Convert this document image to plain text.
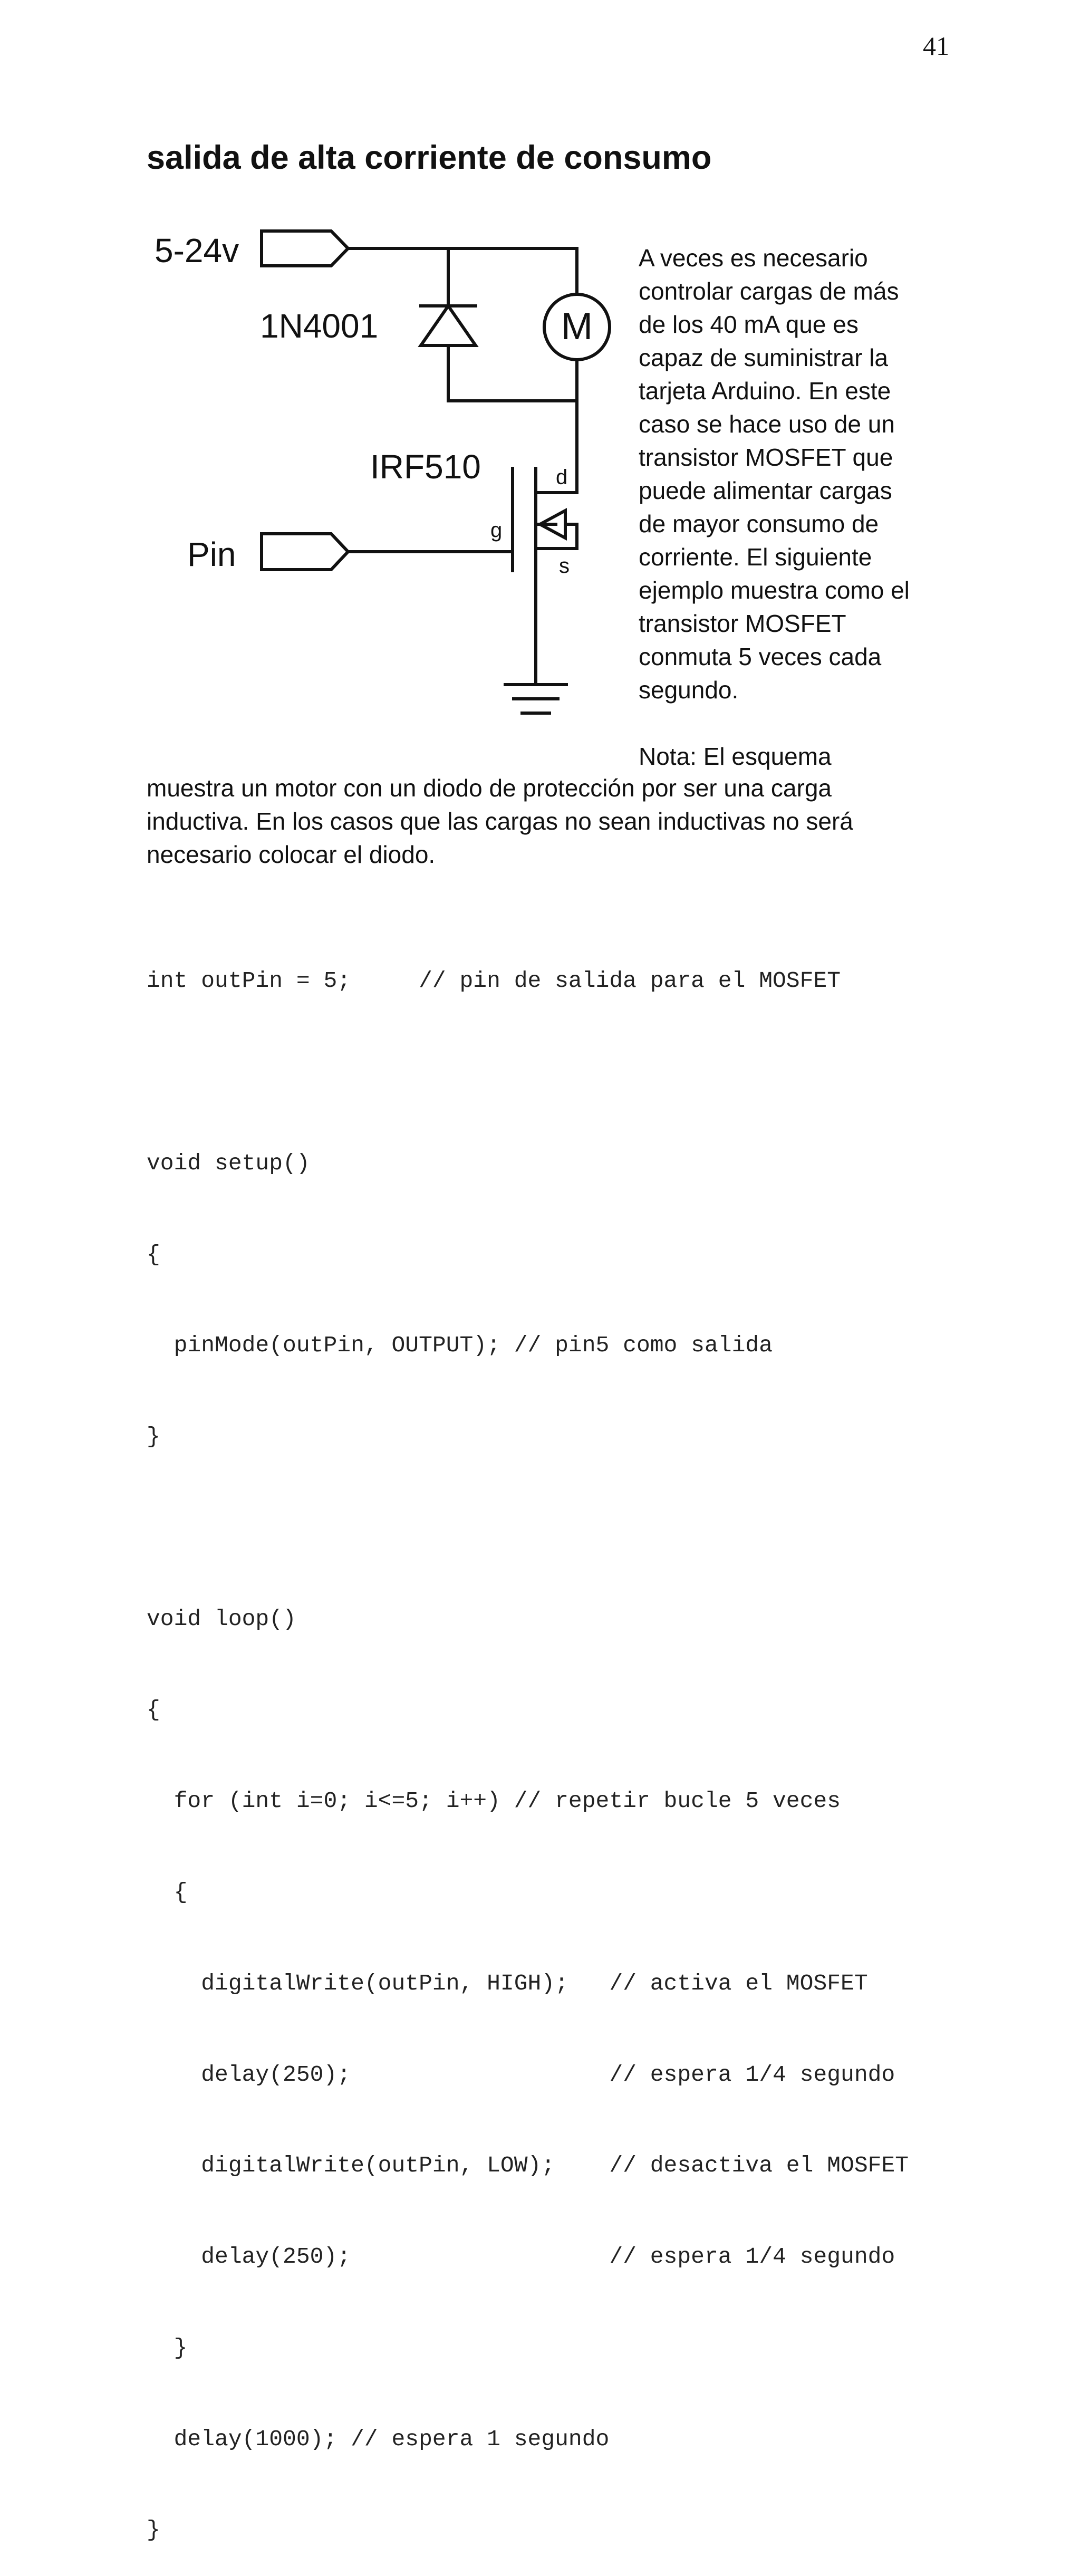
41
salida de alta corriente de consumo
5-24v
1N4001	M
IRF510	d
g
s
Pin

A veces es necesario

controlar cargas de más

de los 40 mA que es

capaz de suministrar la

tarjeta Arduino. En este

caso se hace uso de un

transistor MOSFET que

puede alimentar cargas

de mayor consumo de

corriente. El siguiente

ejemplo muestra como el

transistor MOSFET

conmuta 5 veces cada

segundo.

Nota: El esquema

muestra un motor con un diodo de protección por ser una carga
inductiva. En los casos que las cargas no sean inductivas no será
necesario colocar el diodo.

int outPin = 5;     // pin de salida para el MOSFET

void setup()

{

pinMode(outPin, OUTPUT); // pin5 como salida

}

void loop()

{

for (int i=0; i<=5; i++) // repetir bucle 5 veces

{

digitalWrite(outPin, HIGH);   // activa el MOSFET

delay(250);                   // espera 1/4 segundo

digitalWrite(outPin, LOW);    // desactiva el MOSFET

delay(250);                   // espera 1/4 segundo

}

delay(1000); // espera 1 segundo

}
